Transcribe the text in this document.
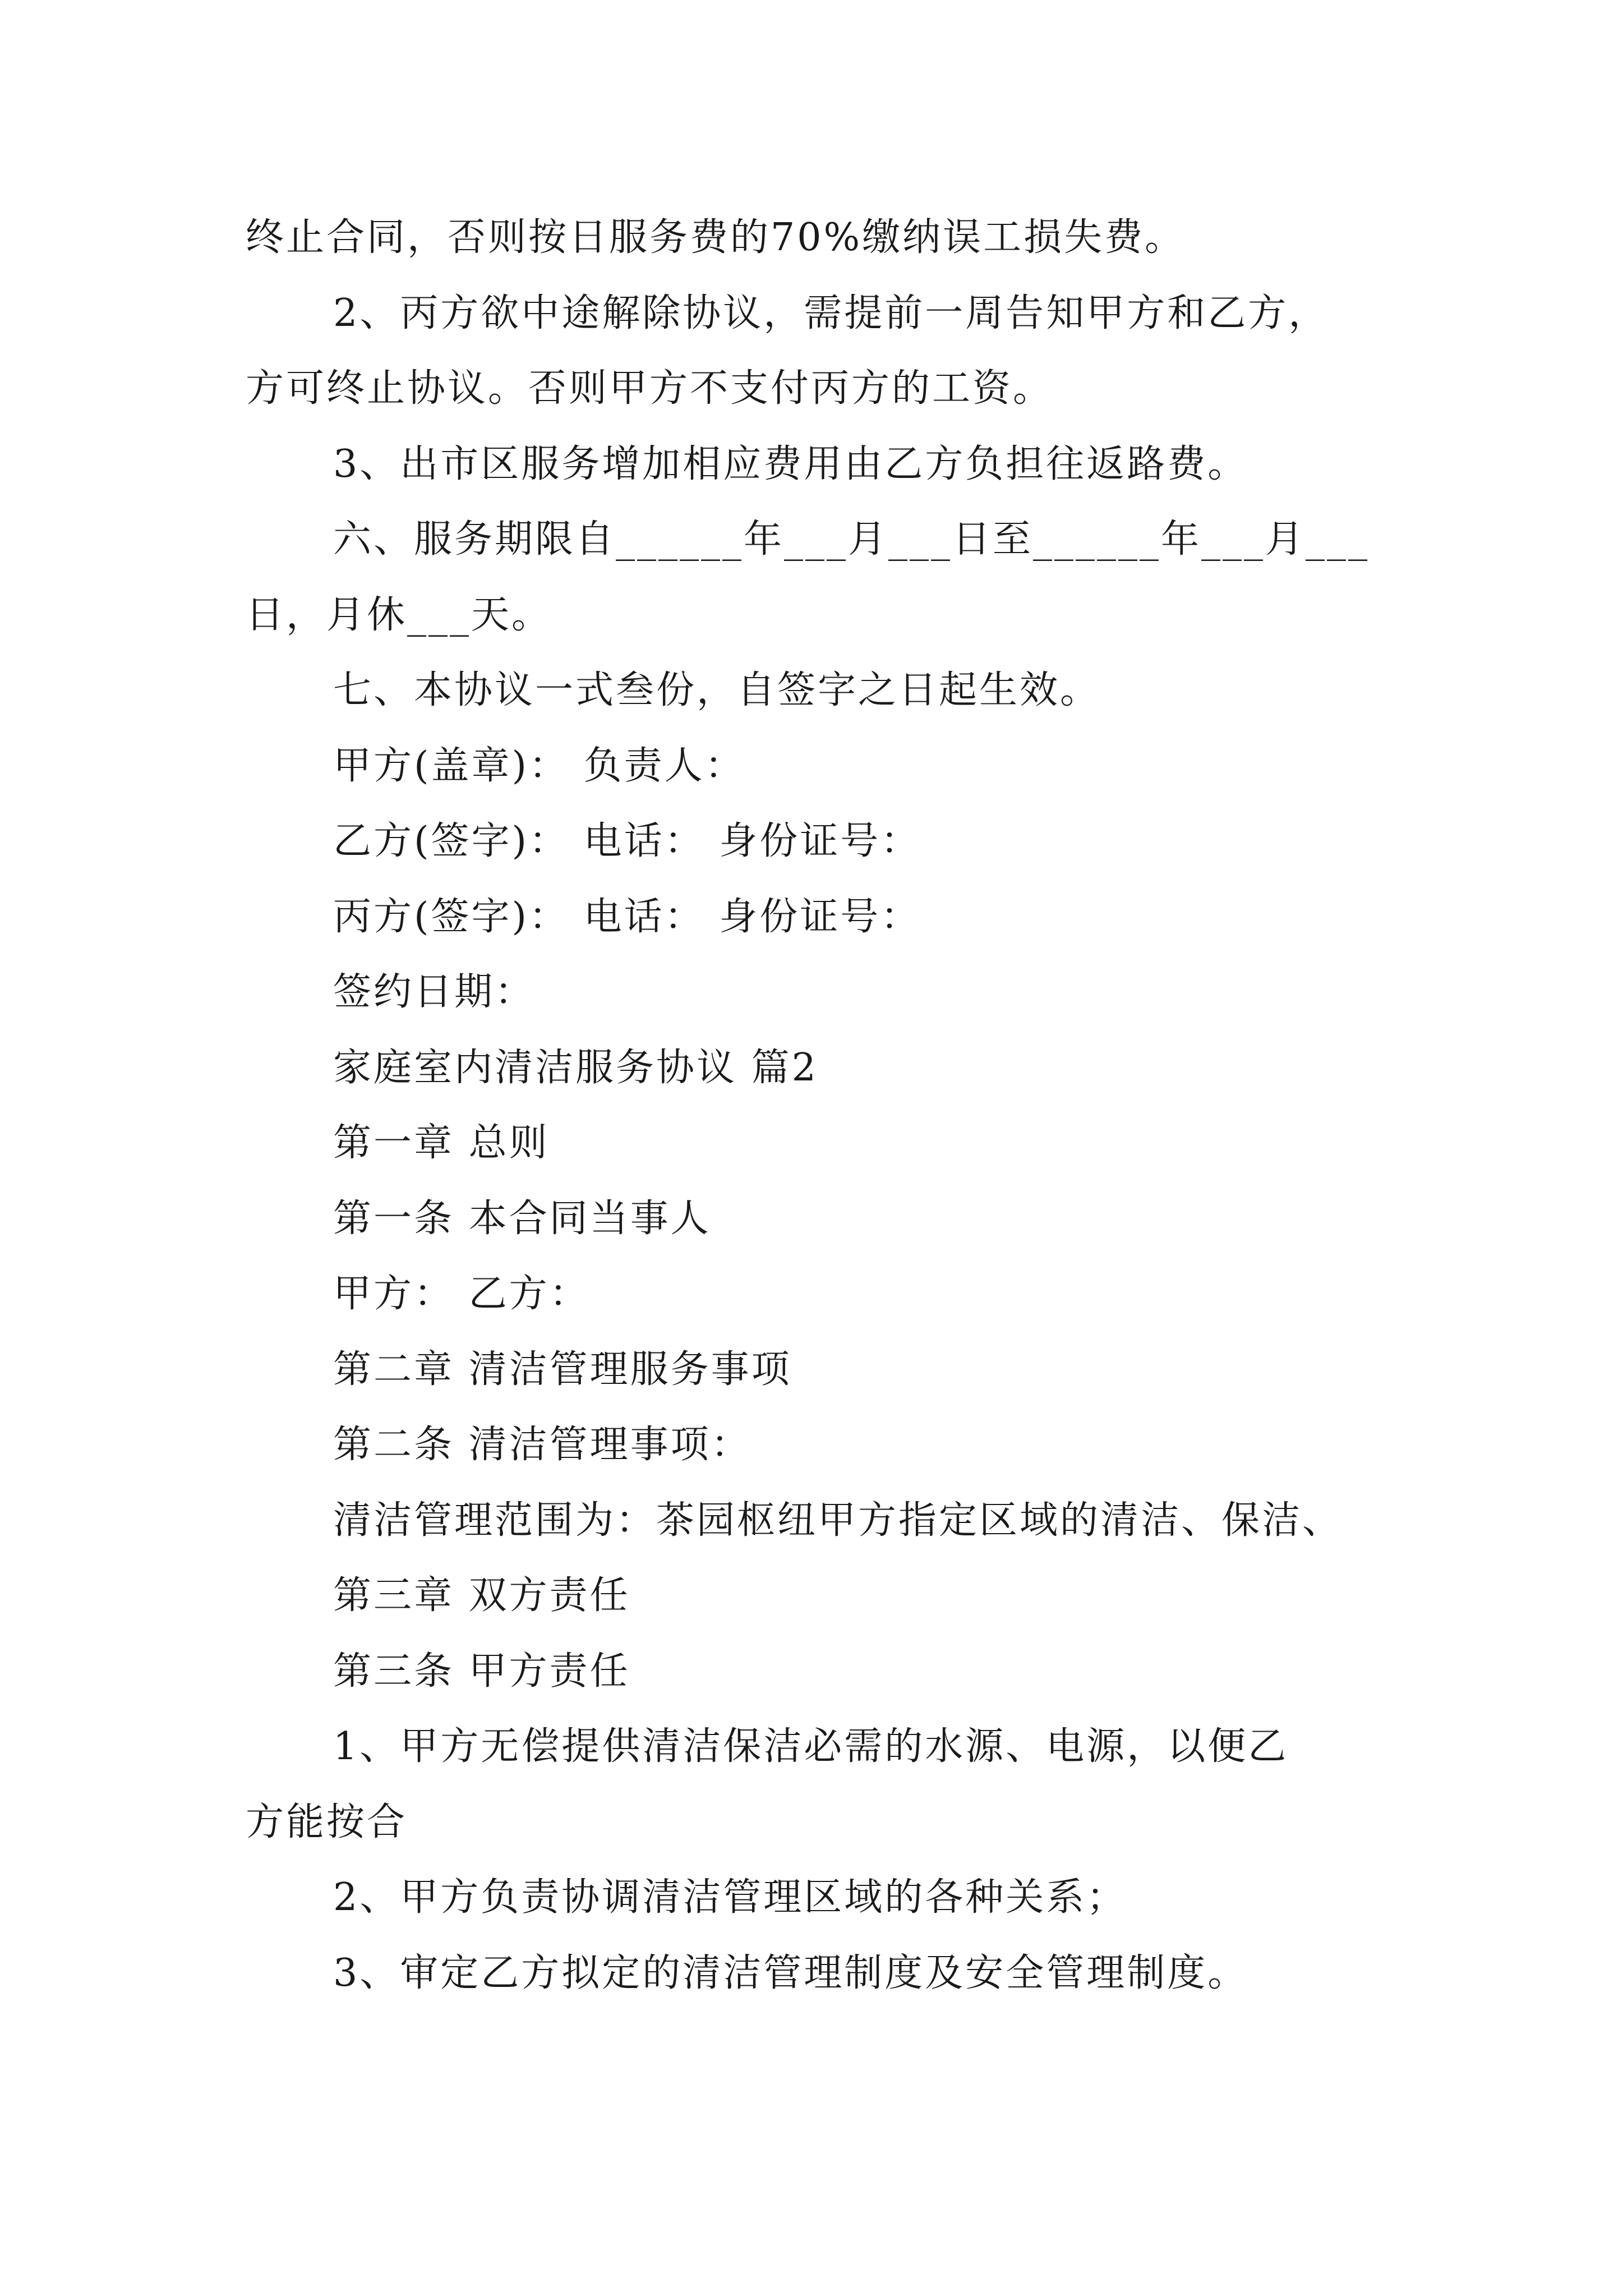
终止合同，否则按日服务费的70%缴纳误工损失费。
2、丙方欲中途解除协议，需提前一周告知甲方和乙方，
方可终止协议。否则甲方不支付丙方的工资。
3、出市区服务增加相应费用由乙方负担往返路费。
六、服务期限自______年___月___日至______年___月___
日，月休___天。
七、本协议一式叁份，自签字之日起生效。
甲方(盖章)： 负责人：
乙方(签字)： 电话： 身份证号：
丙方(签字)： 电话： 身份证号：
签约日期：
家庭室内清洁服务协议 篇2
第一章 总则
第一条 本合同当事人
甲方： 乙方：
第二章 清洁管理服务事项
第二条 清洁管理事项：
清洁管理范围为：茶园枢纽甲方指定区域的清洁、保洁、
第三章 双方责任
第三条 甲方责任
1、甲方无偿提供清洁保洁必需的水源、电源，以便乙
方能按合
2、甲方负责协调清洁管理区域的各种关系；
3、审定乙方拟定的清洁管理制度及安全管理制度。
